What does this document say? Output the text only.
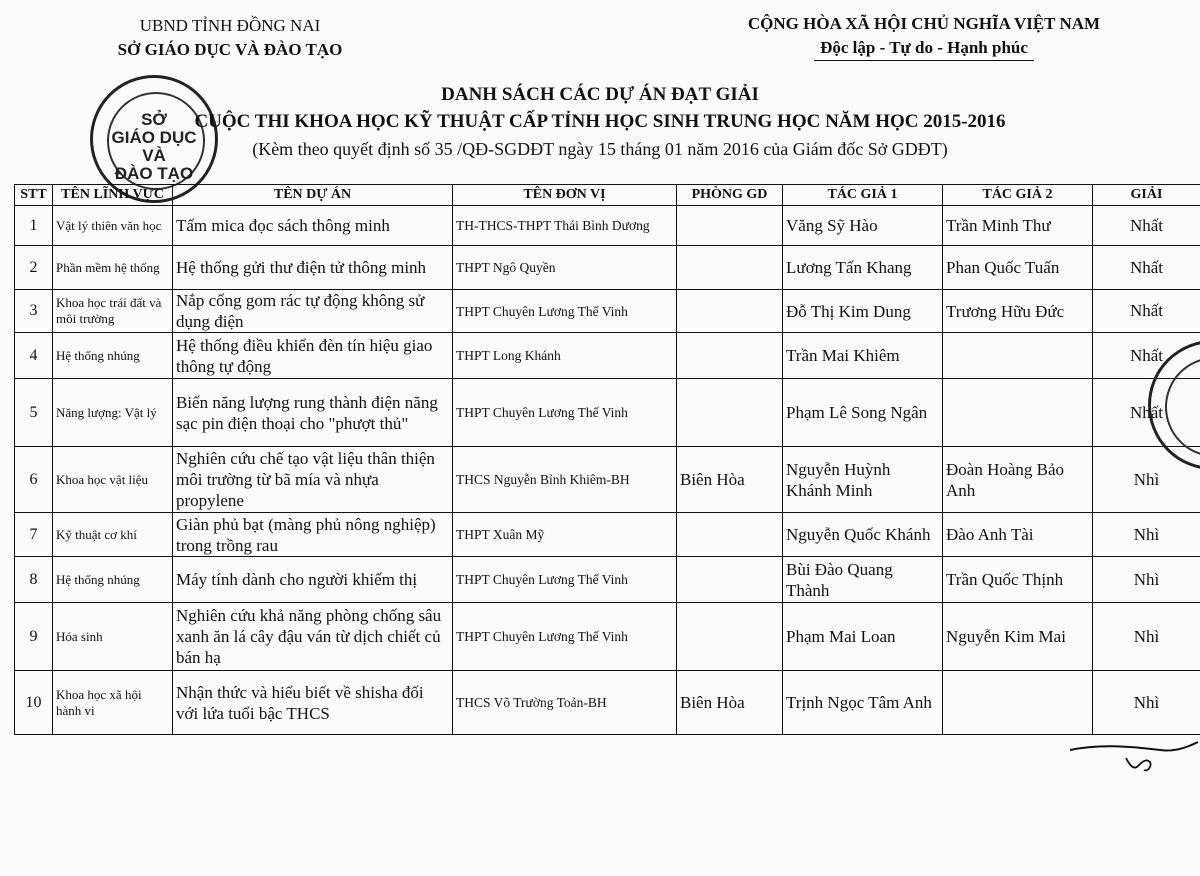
UBND TỈNH ĐỒNG NAI
SỞ GIÁO DỤC VÀ ĐÀO TẠO
CỘNG HÒA XÃ HỘI CHỦ NGHĨA VIỆT NAM
Độc lập - Tự do - Hạnh phúc
SỞ
GIÁO DỤC
VÀ
ĐÀO TẠO
DANH SÁCH CÁC DỰ ÁN ĐẠT GIẢI
CUỘC THI KHOA HỌC KỸ THUẬT CẤP TỈNH HỌC SINH TRUNG HỌC NĂM HỌC 2015-2016
(Kèm theo quyết định số 35 /QĐ-SGDĐT ngày 15 tháng 01 năm 2016 của Giám đốc Sở GDĐT)
STT	TÊN LĨNH VỰC	TÊN DỰ ÁN	TÊN ĐƠN VỊ	PHÒNG GD	TÁC GIẢ 1	TÁC GIẢ 2	GIẢI
1	Vật lý thiên văn học	Tấm mica đọc sách thông minh	TH-THCS-THPT Thái Bình Dương		Văng Sỹ Hào	Trần Minh Thư	Nhất
2	Phần mềm hệ thống	Hệ thống gửi thư điện tử thông minh	THPT Ngô Quyền		Lương Tấn Khang	Phan Quốc Tuấn	Nhất
3	Khoa học trái đất và môi trường	Nắp cống gom rác tự động không sử dụng điện	THPT Chuyên Lương Thế Vinh		Đỗ Thị Kim Dung	Trương Hữu Đức	Nhất
4	Hệ thống nhúng	Hệ thống điều khiển đèn tín hiệu giao thông tự động	THPT Long Khánh		Trần Mai Khiêm		Nhất
5	Năng lượng: Vật lý	Biến năng lượng rung thành điện năng sạc pin điện thoại cho "phượt thủ"	THPT Chuyên Lương Thế Vinh		Phạm Lê Song Ngân		Nhất
6	Khoa học vật liệu	Nghiên cứu chế tạo vật liệu thân thiện môi trường từ bã mía và nhựa propylene	THCS Nguyễn Bỉnh Khiêm-BH	Biên Hòa	Nguyễn Huỳnh Khánh Minh	Đoàn Hoàng Bảo Anh	Nhì
7	Kỹ thuật cơ khí	Giàn phủ bạt (màng phủ nông nghiệp) trong trồng rau	THPT Xuân Mỹ		Nguyễn Quốc Khánh	Đào Anh Tài	Nhì
8	Hệ thống nhúng	Máy tính dành cho người khiếm thị	THPT Chuyên Lương Thế Vinh		Bùi Đào Quang Thành	Trần Quốc Thịnh	Nhì
9	Hóa sinh	Nghiên cứu khả năng phòng chống sâu xanh ăn lá cây đậu ván từ dịch chiết củ bán hạ	THPT Chuyên Lương Thế Vinh		Phạm Mai Loan	Nguyễn Kim Mai	Nhì
10	Khoa học xã hội hành vi	Nhận thức và hiểu biết về shisha đối với lứa tuổi bậc THCS	THCS Võ Trường Toản-BH	Biên Hòa	Trịnh Ngọc Tâm Anh		Nhì
